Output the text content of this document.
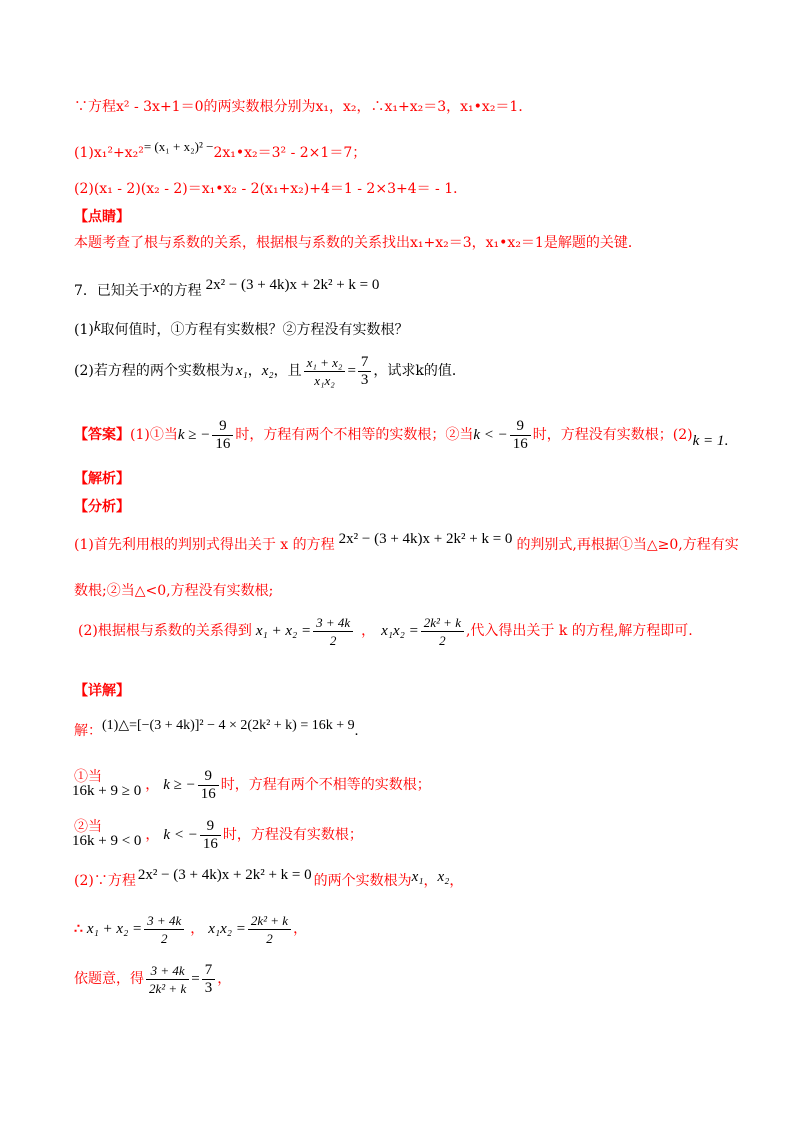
∵方程x² - 3x+1＝0的两实数根分别为x₁，x₂，∴x₁+x₂＝3，x₁•x₂＝1．
(1)x₁²+x₂²= (x₁ + x₂)² −2x₁•x₂＝3² - 2×1＝7；
(2)(x₁ - 2)(x₂ - 2)＝x₁•x₂ - 2(x₁+x₂)+4＝1 - 2×3+4＝ - 1．
【点睛】
本题考查了根与系数的关系，根据根与系数的关系找出x₁+x₂＝3，x₁•x₂＝1是解题的关键．
7．已知关于x的方程 2x² − (3 + 4k)x + 2k² + k = 0
(1)k取何值时，①方程有实数根？②方程没有实数根？
(2)若方程的两个实数根为 x₁ ， x₂ ，且 $\frac{\text{x₁ + x₂}}{\text{x₁x₂}} = \frac{7}{3}$ ，试求k的值．
【答案】 (1)①当 k ≥ − $\frac{9}{16}$ 时，方程有两个不相等的实数根；②当 k < − $\frac{9}{16}$ 时，方程没有实数根；(2) k = 1 .
【解析】
【分析】
(1)首先利用根的判别式得出关于 x 的方程 2x² − (3 + 4k)x + 2k² + k = 0 的判别式,再根据①当△≥0,方程有实
数根;②当△<0,方程没有实数根;
(2)根据根与系数的关系得到 $x_1 + x_2 = \frac{3 + 4k}{2}$ ， $x_1x_2 = \frac{\text{2k² + k}}{2}$ ,代入得出关于 k 的方程,解方程即可.
【详解】
解：(1)△=[−(3 + 4k)]² − 4 × 2(2k² + k) = 16k + 9.
①当
16k + 9 ≥ 0 ， k ≥ − $\frac{9}{16}$ 时，方程有两个不相等的实数根；
②当
16k + 9 < 0 ， k < − $\frac{9}{16}$ 时，方程没有实数根；
(2)∵方程 2x² − (3 + 4k)x + 2k² + k = 0 的两个实数根为x₁，x₂，
∴ $x_1 + x_2 = \frac{3 + 4k}{2}$ ， $x_1x_2 = \frac{\text{2k² + k}}{2}$ ，
依题意，得 $\frac{3 + 4k}{\text{2k² + k}} = \frac{7}{3}$ ，
